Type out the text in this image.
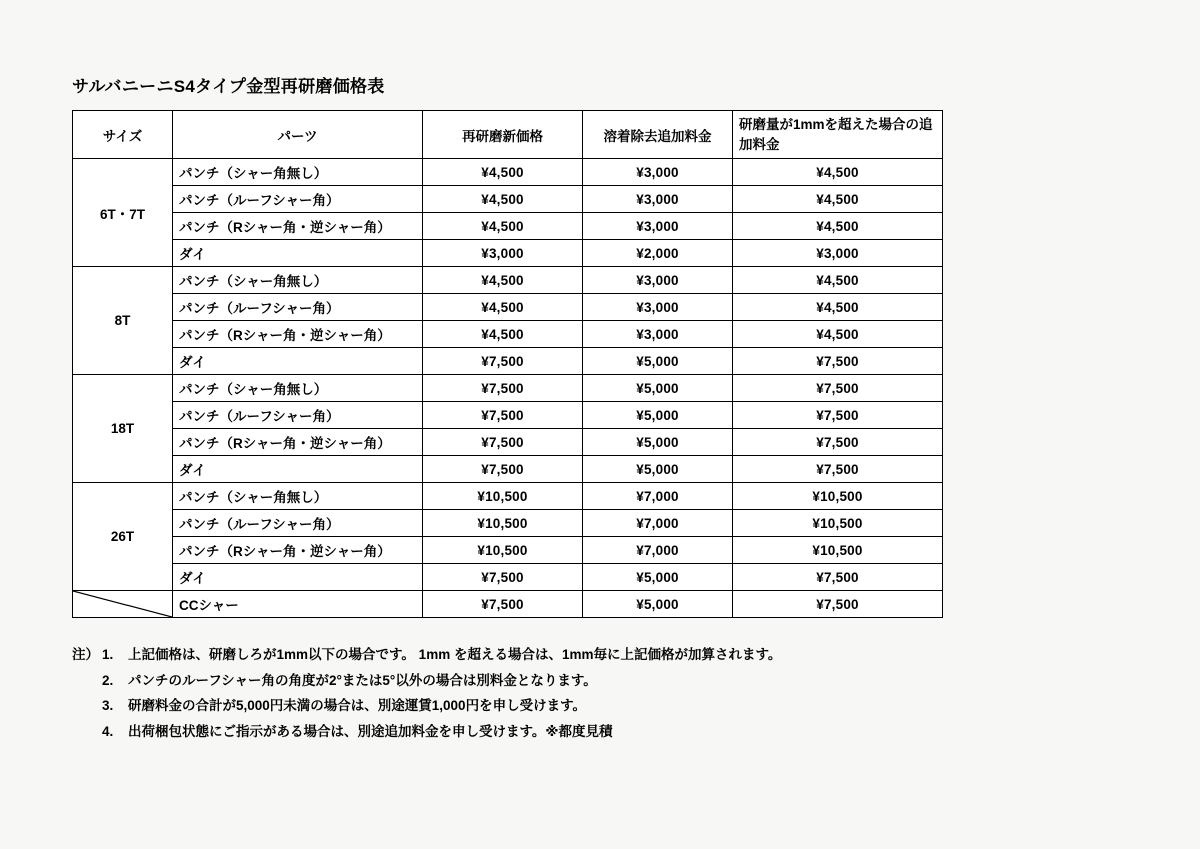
サルバニーニS4タイプ金型再研磨価格表
サイズ	パーツ	再研磨新価格	溶着除去追加料金	研磨量が1mmを超えた場合の追加料金
6T・7T	パンチ（シャー角無し）	¥4,500	¥3,000	¥4,500
	パンチ（ルーフシャー角）	¥4,500	¥3,000	¥4,500
	パンチ（Rシャー角・逆シャー角）	¥4,500	¥3,000	¥4,500
	ダイ	¥3,000	¥2,000	¥3,000
8T	パンチ（シャー角無し）	¥4,500	¥3,000	¥4,500
	パンチ（ルーフシャー角）	¥4,500	¥3,000	¥4,500
	パンチ（Rシャー角・逆シャー角）	¥4,500	¥3,000	¥4,500
	ダイ	¥7,500	¥5,000	¥7,500
18T	パンチ（シャー角無し）	¥7,500	¥5,000	¥7,500
	パンチ（ルーフシャー角）	¥7,500	¥5,000	¥7,500
	パンチ（Rシャー角・逆シャー角）	¥7,500	¥5,000	¥7,500
	ダイ	¥7,500	¥5,000	¥7,500
26T	パンチ（シャー角無し）	¥10,500	¥7,000	¥10,500
	パンチ（ルーフシャー角）	¥10,500	¥7,000	¥10,500
	パンチ（Rシャー角・逆シャー角）	¥10,500	¥7,000	¥10,500
	ダイ	¥7,500	¥5,000	¥7,500

	CCシャー	¥7,500	¥5,000	¥7,500
注） 1.	上記価格は、研磨しろが1mm以下の場合です。 1mm を超える場合は、1mm毎に上記価格が加算されます。
2.	パンチのルーフシャー角の角度が2°または5°以外の場合は別料金となります。
3.	研磨料金の合計が5,000円未満の場合は、別途運賃1,000円を申し受けます。
4.	出荷梱包状態にご指示がある場合は、別途追加料金を申し受けます。※都度見積
